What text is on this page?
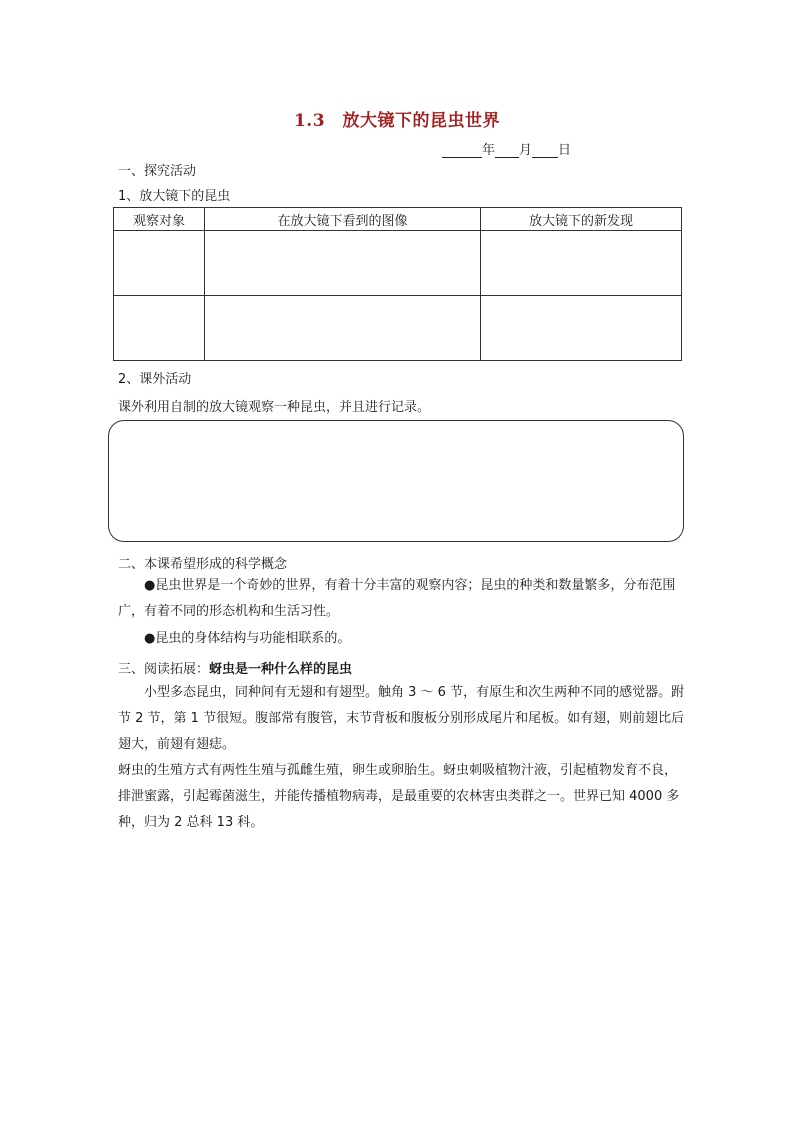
1.3　放大镜下的昆虫世界
年 月 日
一、探究活动
1、放大镜下的昆虫
观察对象	在放大镜下看到的图像	放大镜下的新发现

2、课外活动
课外利用自制的放大镜观察一种昆虫，并且进行记录。
二、本课希望形成的科学概念
●昆虫世界是一个奇妙的世界，有着十分丰富的观察内容；昆虫的种类和数量繁多，分布范围广，有着不同的形态机构和生活习性。
●昆虫的身体结构与功能相联系的。
三、阅读拓展：蚜虫是一种什么样的昆虫
小型多态昆虫，同种间有无翅和有翅型。触角 3 ～ 6 节，有原生和次生两种不同的感觉器。跗节 2 节，第 1 节很短。腹部常有腹管，末节背板和腹板分别形成尾片和尾板。如有翅，则前翅比后翅大，前翅有翅痣。
蚜虫的生殖方式有两性生殖与孤雌生殖，卵生或卵胎生。蚜虫刺吸植物汁液，引起植物发育不良，排泄蜜露，引起霉菌滋生，并能传播植物病毒，是最重要的农林害虫类群之一。世界已知 4000 多种，归为 2 总科 13 科。
